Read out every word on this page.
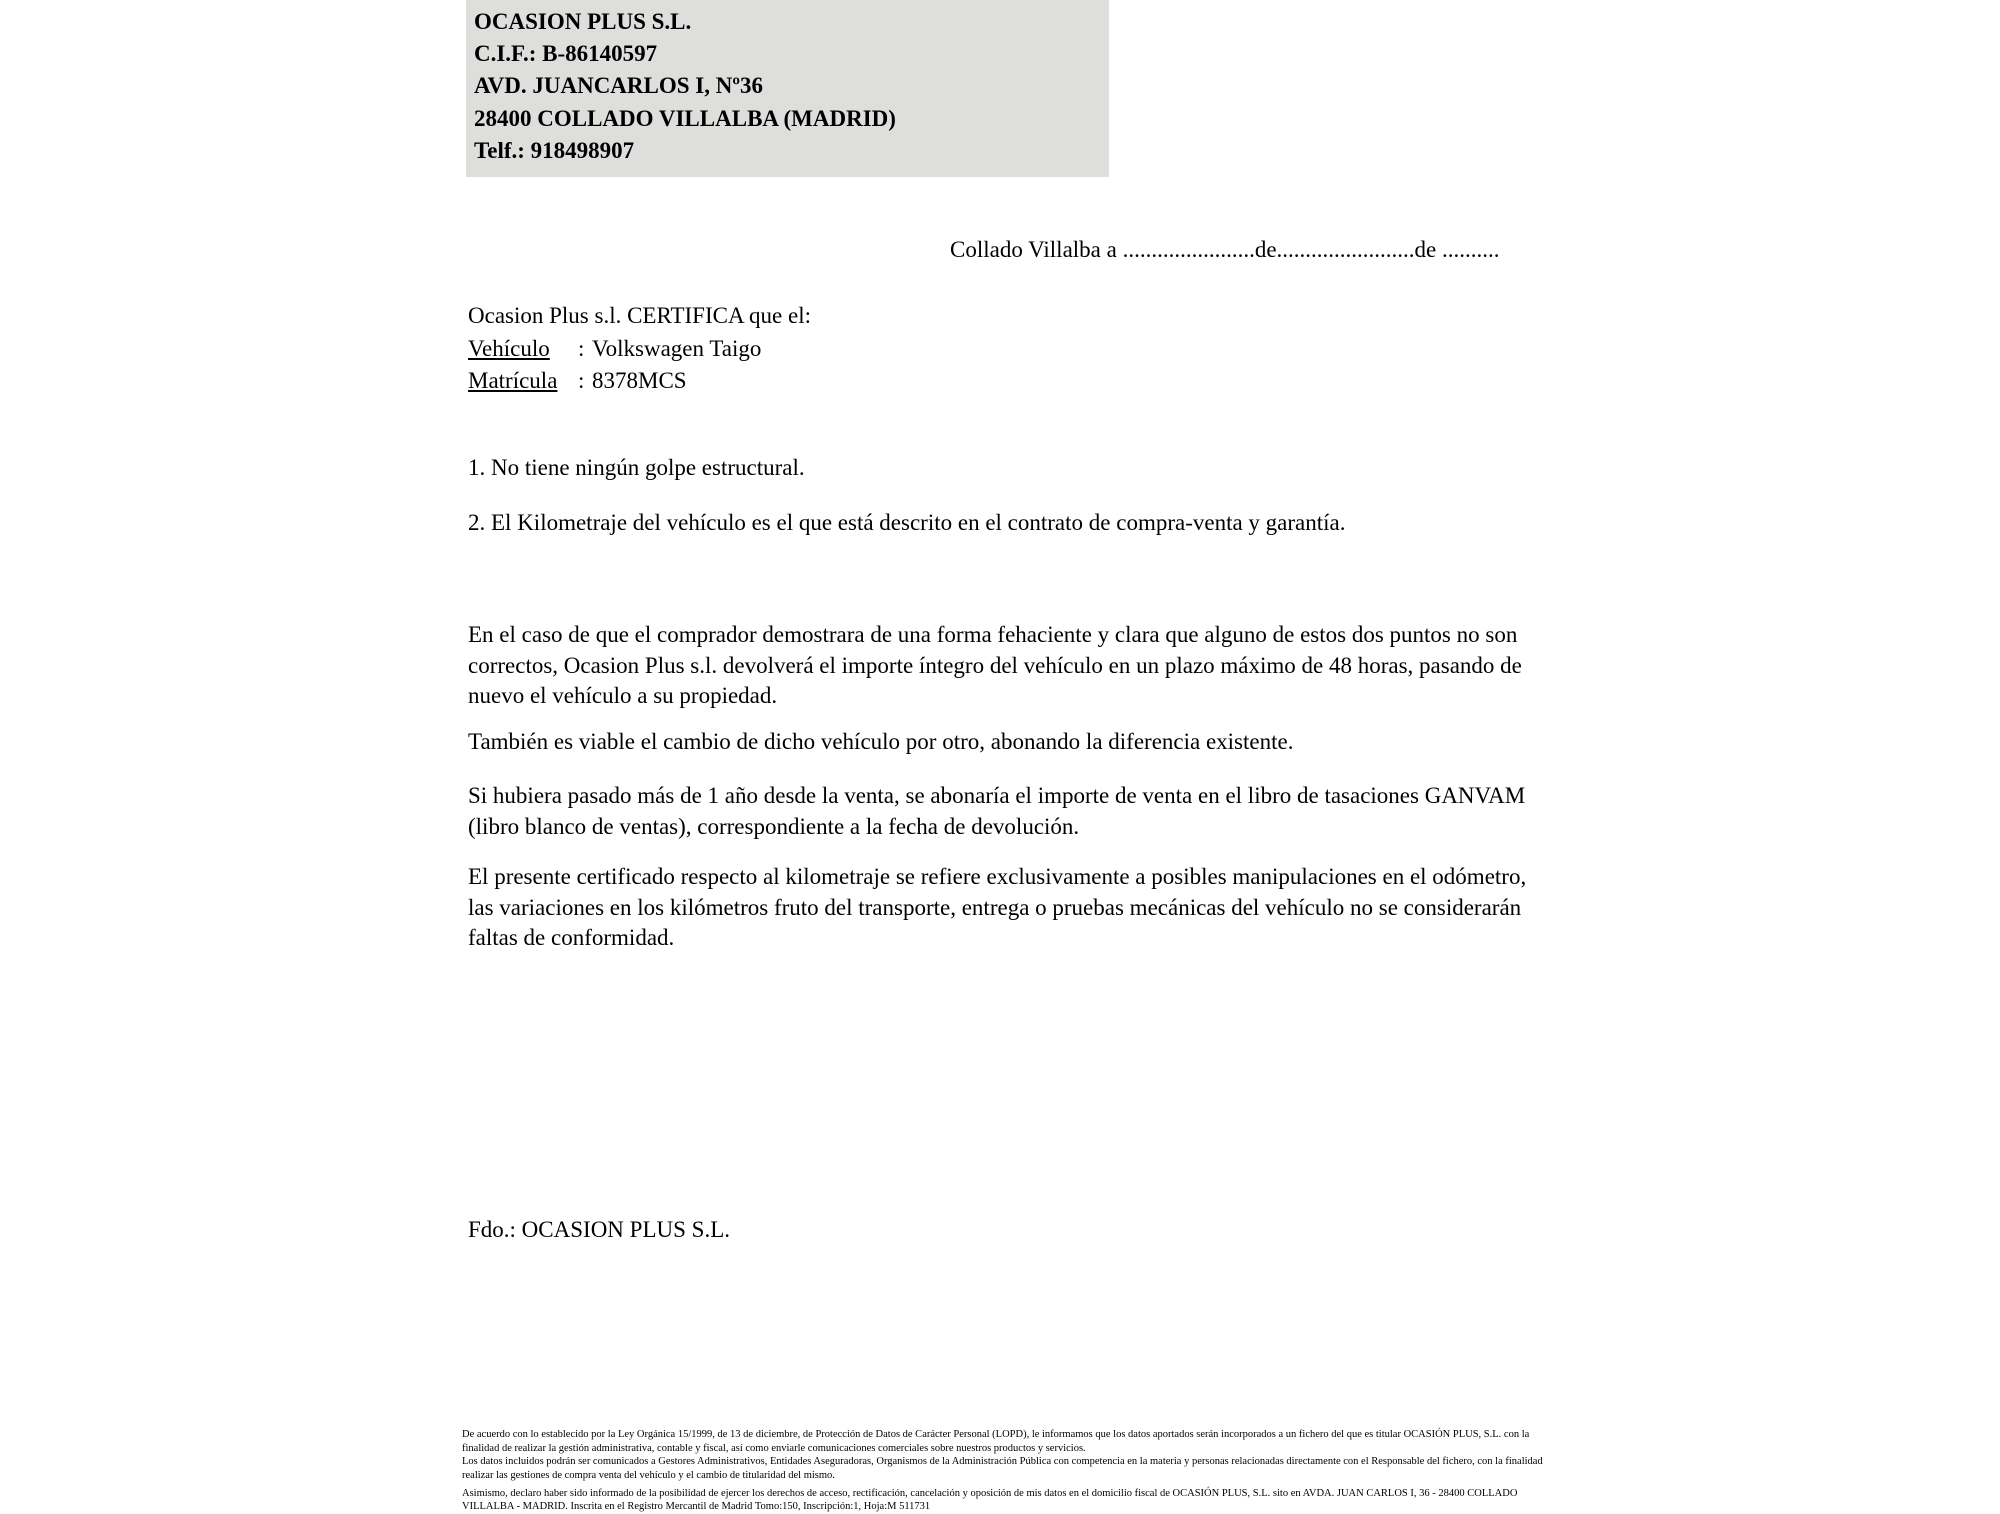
OCASION PLUS S.L.
C.I.F.: B-86140597
AVD. JUANCARLOS I, Nº36
28400 COLLADO VILLALBA (MADRID)
Telf.: 918498907
Collado Villalba a .......................de........................de ..........
Ocasion Plus s.l. CERTIFICA que el:
Vehículo : Volkswagen Taigo
Matrícula : 8378MCS
1. No tiene ningún golpe estructural.
2. El Kilometraje del vehículo es el que está descrito en el contrato de compra-venta y garantía.
En el caso de que el comprador demostrara de una forma fehaciente y clara que alguno de estos dos puntos no son correctos, Ocasion Plus s.l. devolverá el importe íntegro del vehículo en un plazo máximo de 48 horas, pasando de nuevo el vehículo a su propiedad.
También es viable el cambio de dicho vehículo por otro, abonando la diferencia existente.
Si hubiera pasado más de 1 año desde la venta, se abonaría el importe de venta en el libro de tasaciones GANVAM (libro blanco de ventas), correspondiente a la fecha de devolución.
El presente certificado respecto al kilometraje se refiere exclusivamente a posibles manipulaciones en el odómetro, las variaciones en los kilómetros fruto del transporte, entrega o pruebas mecánicas del vehículo no se considerarán faltas de conformidad.
Fdo.: OCASION PLUS S.L.

De acuerdo con lo establecido por la Ley Orgánica 15/1999, de 13 de diciembre, de Protección de Datos de Carácter Personal (LOPD), le informamos que los datos aportados serán incorporados a un fichero del que es titular OCASIÓN PLUS, S.L. con la finalidad de realizar la gestión administrativa, contable y fiscal, así como enviarle comunicaciones comerciales sobre nuestros productos y servicios.

Los datos incluidos podrán ser comunicados a Gestores Administrativos, Entidades Aseguradoras, Organismos de la Administración Pública con competencia en la materia y personas relacionadas directamente con el Responsable del fichero, con la finalidad realizar las gestiones de compra venta del vehículo y el cambio de titularidad del mismo.

Asimismo, declaro haber sido informado de la posibilidad de ejercer los derechos de acceso, rectificación, cancelación y oposición de mis datos en el domicilio fiscal de OCASIÓN PLUS, S.L. sito en AVDA. JUAN CARLOS I, 36 - 28400 COLLADO VILLALBA - MADRID. Inscrita en el Registro Mercantil de Madrid Tomo:150, Inscripción:1, Hoja:M 511731
